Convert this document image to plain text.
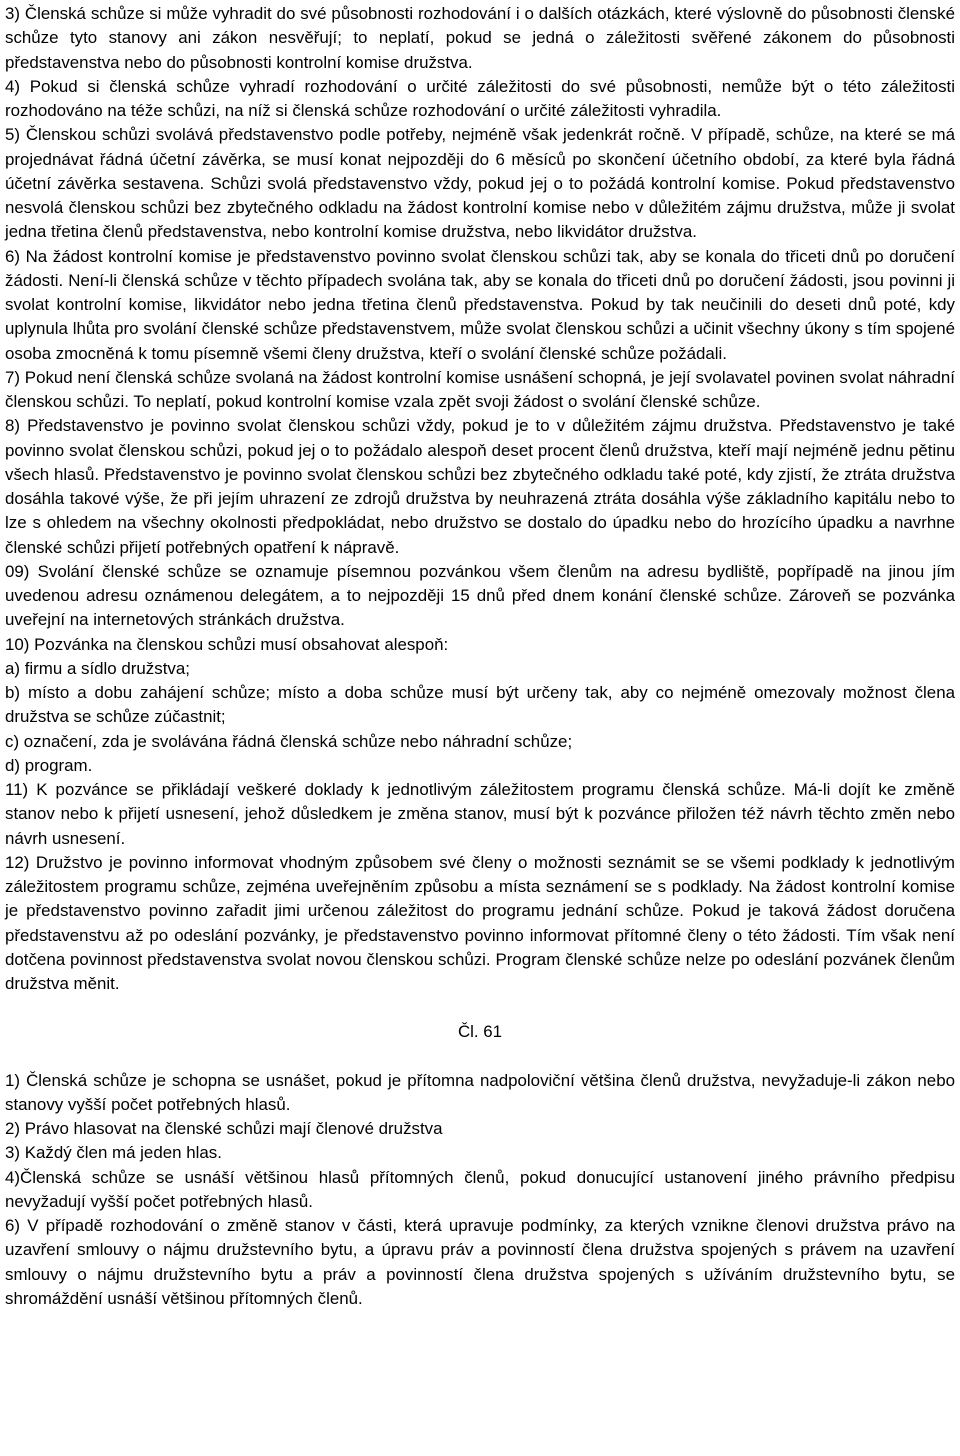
3) Členská schůze si může vyhradit do své působnosti rozhodování i o dalších otázkách, které výslovně do působnosti členské schůze tyto stanovy ani zákon nesvěřují; to neplatí, pokud se jedná o záležitosti svěřené zákonem do působnosti představenstva nebo do působnosti kontrolní komise družstva.

4) Pokud si členská schůze vyhradí rozhodování o určité záležitosti do své působnosti, nemůže být o této záležitosti rozhodováno na téže schůzi, na níž si členská schůze rozhodování o určité záležitosti vyhradila.

5) Členskou schůzi svolává představenstvo podle potřeby, nejméně však jedenkrát ročně. V případě, schůze, na které se má projednávat řádná účetní závěrka, se musí konat nejpozději do 6 měsíců po skončení účetního období, za které byla řádná účetní závěrka sestavena. Schůzi svolá představenstvo vždy, pokud jej o to požádá kontrolní komise. Pokud představenstvo nesvolá členskou schůzi bez zbytečného odkladu na žádost kontrolní komise nebo v důležitém zájmu družstva, může ji svolat jedna třetina členů představenstva, nebo kontrolní komise družstva, nebo likvidátor družstva.

6) Na žádost kontrolní komise je představenstvo povinno svolat členskou schůzi tak, aby se konala do třiceti dnů po doručení žádosti. Není-li členská schůze v těchto případech svolána tak, aby se konala do třiceti dnů po doručení žádosti, jsou povinni ji svolat kontrolní komise, likvidátor nebo jedna třetina členů představenstva. Pokud by tak neučinili do deseti dnů poté, kdy uplynula lhůta pro svolání členské schůze představenstvem, může svolat členskou schůzi a učinit všechny úkony s tím spojené osoba zmocněná k tomu písemně všemi členy družstva, kteří o svolání členské schůze požádali.

7) Pokud není členská schůze svolaná na žádost kontrolní komise usnášení schopná, je její svolavatel povinen svolat náhradní členskou schůzi. To neplatí, pokud kontrolní komise vzala zpět svoji žádost o svolání členské schůze.

8) Představenstvo je povinno svolat členskou schůzi vždy, pokud je to v důležitém zájmu družstva. Představenstvo je také povinno svolat členskou schůzi, pokud jej o to požádalo alespoň deset procent členů družstva, kteří mají nejméně jednu pětinu všech hlasů. Představenstvo je povinno svolat členskou schůzi bez zbytečného odkladu také poté, kdy zjistí, že ztráta družstva dosáhla takové výše, že při jejím uhrazení ze zdrojů družstva by neuhrazená ztráta dosáhla výše základního kapitálu nebo to lze s ohledem na všechny okolnosti předpokládat, nebo družstvo se dostalo do úpadku nebo do hrozícího úpadku a navrhne členské schůzi přijetí potřebných opatření k nápravě.

09) Svolání členské schůze se oznamuje písemnou pozvánkou všem členům na adresu bydliště, popřípadě na jinou jím uvedenou adresu oznámenou delegátem, a to nejpozději 15 dnů před dnem konání členské schůze. Zároveň se pozvánka uveřejní na internetových stránkách družstva.

10) Pozvánka na členskou schůzi musí obsahovat alespoň:

a) firmu a sídlo družstva;

b) místo a dobu zahájení schůze; místo a doba schůze musí být určeny tak, aby co nejméně omezovaly možnost člena družstva se schůze zúčastnit;

c) označení, zda je svolávána řádná členská schůze nebo náhradní schůze;

d) program.

11) K pozvánce se přikládají veškeré doklady k jednotlivým záležitostem programu členská schůze. Má-li dojít ke změně stanov nebo k přijetí usnesení, jehož důsledkem je změna stanov, musí být k pozvánce přiložen též návrh těchto změn nebo návrh usnesení.

12) Družstvo je povinno informovat vhodným způsobem své členy o možnosti seznámit se se všemi podklady k jednotlivým záležitostem programu schůze, zejména uveřejněním způsobu a místa seznámení se s podklady. Na žádost kontrolní komise je představenstvo povinno zařadit jimi určenou záležitost do programu jednání schůze. Pokud je taková žádost doručena představenstvu až po odeslání pozvánky, je představenstvo povinno informovat přítomné členy o této žádosti. Tím však není dotčena povinnost představenstva svolat novou členskou schůzi. Program členské schůze nelze po odeslání pozvánek členům družstva měnit.

Čl. 61

1) Členská schůze je schopna se usnášet, pokud je přítomna nadpoloviční většina členů družstva, nevyžaduje-li zákon nebo stanovy vyšší počet potřebných hlasů.

2) Právo hlasovat na členské schůzi mají členové družstva

3) Každý člen má jeden hlas.

4)Členská schůze se usnáší většinou hlasů přítomných členů, pokud donucující ustanovení jiného právního předpisu nevyžadují vyšší počet potřebných hlasů.

6) V případě rozhodování o změně stanov v části, která upravuje podmínky, za kterých vznikne členovi družstva právo na uzavření smlouvy o nájmu družstevního bytu, a úpravu práv a povinností člena družstva spojených s právem na uzavření smlouvy o nájmu družstevního bytu a práv a povinností člena družstva spojených s užíváním družstevního bytu, se shromáždění usnáší většinou přítomných členů.
